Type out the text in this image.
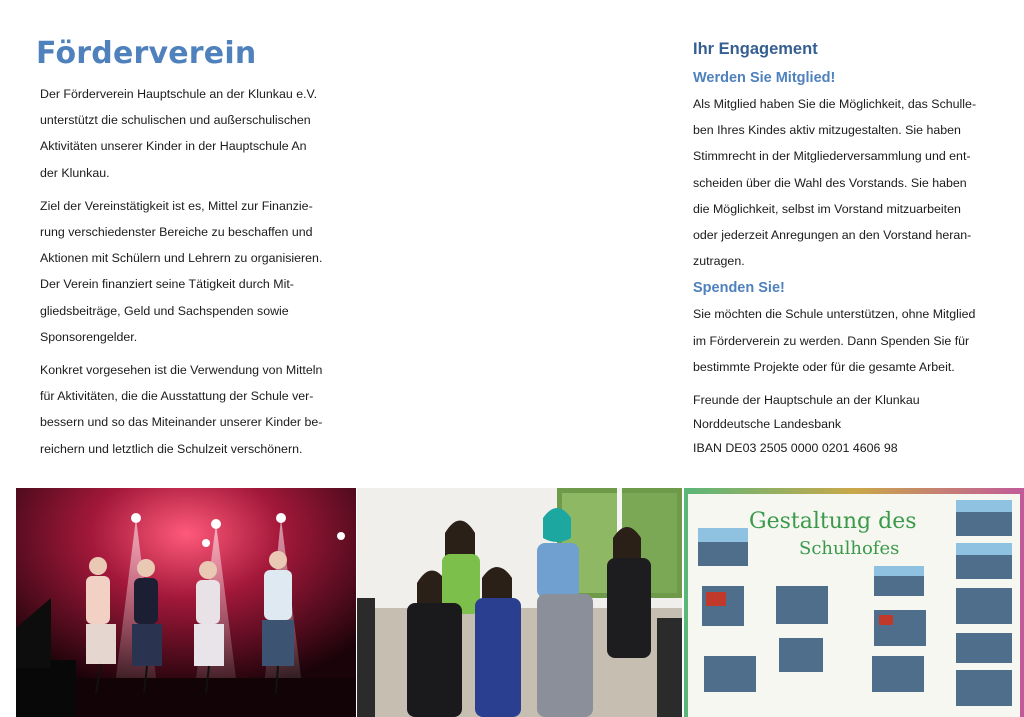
Förderverein

Der Förderverein Hauptschule an der Klunkau e.V.
unterstützt die schulischen und außerschulischen
Aktivitäten unserer Kinder in der Hauptschule An
der Klunkau.

Ziel der Vereinstätigkeit ist es, Mittel zur Finanzie-
rung verschiedenster Bereiche zu beschaffen und
Aktionen mit Schülern und Lehrern zu organisieren.
Der Verein finanziert seine Tätigkeit durch Mit-
gliedsbeiträge, Geld und Sachspenden sowie
Sponsorengelder.

Konkret vorgesehen ist die Verwendung von Mitteln
für Aktivitäten, die die Ausstattung der Schule ver-
bessern und so das Miteinander unserer Kinder be-
reichern und letztlich die Schulzeit verschönern.

Ihr Engagement
Werden Sie Mitglied!

Als Mitglied haben Sie die Möglichkeit, das Schulle-
ben Ihres Kindes aktiv mitzugestalten. Sie haben
Stimmrecht in der Mitgliederversammlung und ent-
scheiden über die Wahl des Vorstands. Sie haben
die Möglichkeit, selbst im Vorstand mitzuarbeiten
oder jederzeit Anregungen an den Vorstand heran-
zutragen.

Spenden Sie!

Sie möchten die Schule unterstützen, ohne Mitglied
im Förderverein zu werden. Dann Spenden Sie für
bestimmte Projekte oder für die gesamte Arbeit.

Freunde der Hauptschule an der Klunkau
Norddeutsche Landesbank
IBAN DE03 2505 0000 0201 4606 98
Gestaltung des
Schulhofes
